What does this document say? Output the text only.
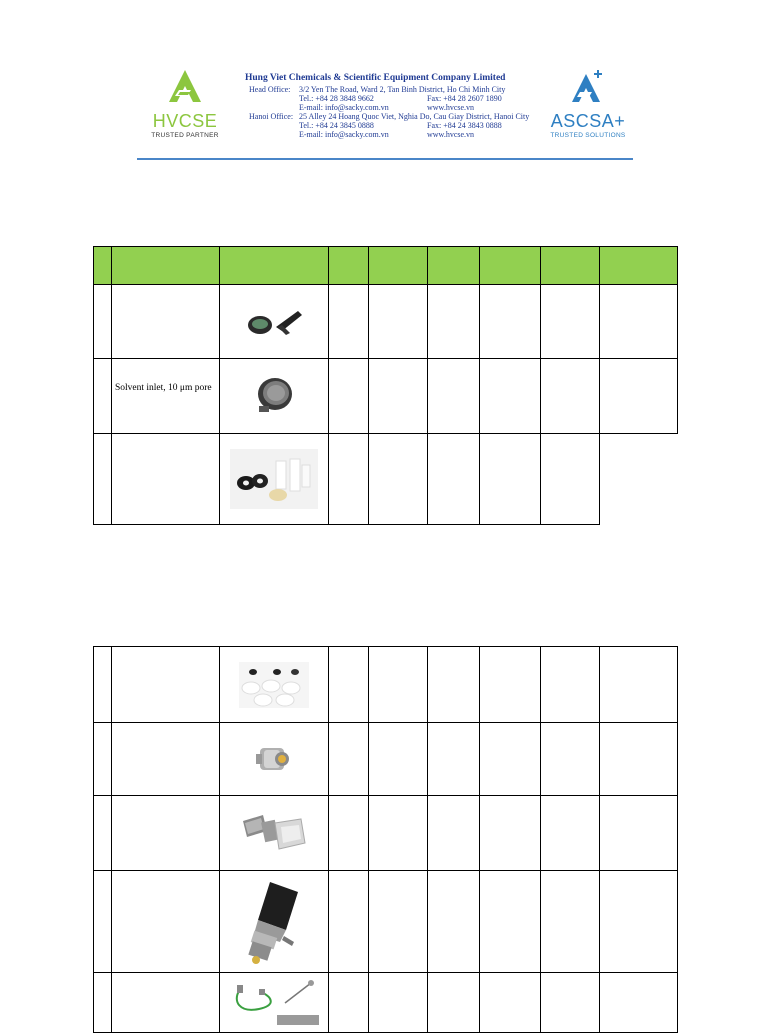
HVCSE
TRUSTED PARTNER
Hung Viet Chemicals & Scientific Equipment Company Limited
Head Office: 3/2 Yen The Road, Ward 2, Tan Binh District, Ho Chi Minh City
Tel.: +84 28 3848 9662	Fax: +84 28 2607 1890
E-mail: info@sacky.com.vn	www.hvcse.vn
Hanoi Office: 25 Alley 24 Hoang Quoc Viet, Nghia Do, Cau Giay District, Hanoi City
Tel.: +84 24 3845 0888	Fax: +84 24 3843 0888
E-mail: info@sacky.com.vn	www.hvcse.vn
ASCSA+
TRUSTED SOLUTIONS

	Solvent inlet, 10 μm pore							
